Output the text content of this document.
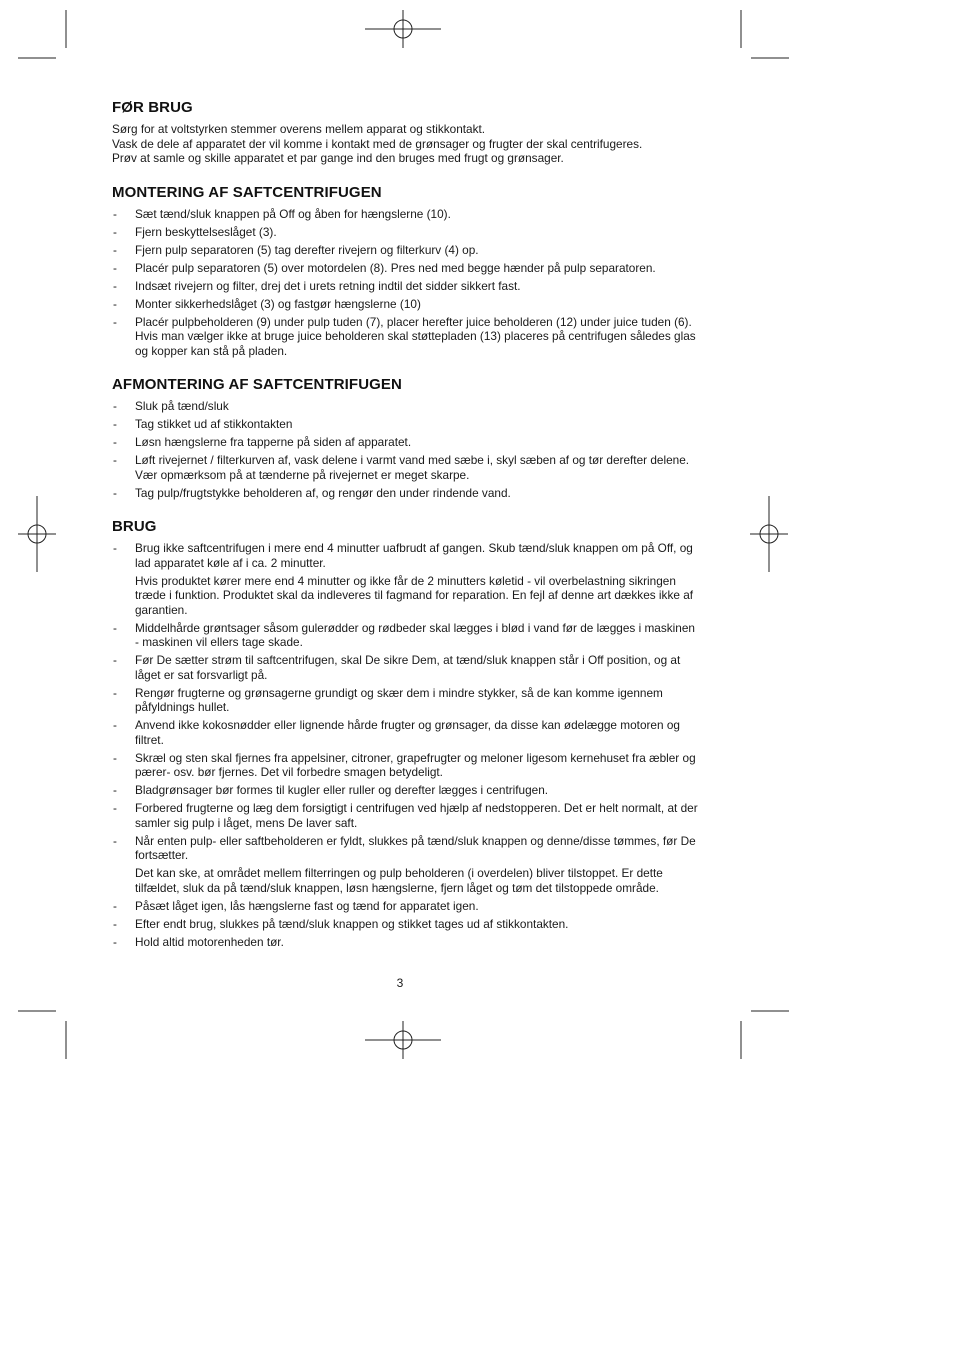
FØR BRUG

Sørg for at voltstyrken stemmer overens mellem apparat og stikkontakt.

Vask de dele af apparatet der vil komme i kontakt med de grønsager og frugter der skal centrifugeres.

Prøv at samle og skille apparatet et par gange ind den bruges med frugt og grønsager.

MONTERING AF SAFTCENTRIFUGEN
- Sæt tænd/sluk knappen på Off og åben for hængslerne (10).
- Fjern beskyttelseslåget (3).
- Fjern pulp separatoren (5) tag derefter rivejern og filterkurv (4) op.
- Placér pulp separatoren (5) over motordelen (8). Pres ned med begge hænder på pulp separatoren.
- Indsæt rivejern og filter, drej det i urets retning indtil det sidder sikkert fast.
- Monter sikkerhedslåget (3) og fastgør hængslerne (10)
- Placér pulpbeholderen (9) under pulp tuden (7), placer herefter juice beholderen (12) under juice tuden (6). Hvis man vælger ikke at bruge juice beholderen skal støttepladen (13) placeres på centrifugen således glas og kopper kan stå på pladen.
AFMONTERING AF SAFTCENTRIFUGEN
- Sluk på tænd/sluk
- Tag stikket ud af stikkontakten
- Løsn hængslerne fra tapperne på siden af apparatet.
- Løft rivejernet / filterkurven af, vask delene i varmt vand med sæbe i, skyl sæben af og tør derefter delene. Vær opmærksom på at tænderne på rivejernet er meget skarpe.
- Tag pulp/frugtstykke beholderen af, og rengør den under rindende vand.
BRUG
- Brug ikke saftcentrifugen i mere end 4 minutter uafbrudt af gangen. Skub tænd/sluk knappen om på Off, og lad apparatet køle af i ca. 2 minutter.
Hvis produktet kører mere end 4 minutter og ikke får de 2 minutters køletid - vil overbelastning sikringen træde i funktion. Produktet skal da indleveres til fagmand for reparation. En fejl af denne art dækkes ikke af garantien.
- Middelhårde grøntsager såsom gulerødder og rødbeder skal lægges i blød i vand før de lægges i maskinen - maskinen vil ellers tage skade.
- Før De sætter strøm til saftcentrifugen, skal De sikre Dem, at tænd/sluk knappen står i Off position, og at låget er sat forsvarligt på.
- Rengør frugterne og grønsagerne grundigt og skær dem i mindre stykker, så de kan komme igennem påfyldnings hullet.
- Anvend ikke kokosnødder eller lignende hårde frugter og grønsager, da disse kan ødelægge motoren og filtret.
- Skræl og sten skal fjernes fra appelsiner, citroner, grapefrugter og meloner ligesom kernehuset fra æbler og pærer- osv. bør fjernes. Det vil forbedre smagen betydeligt.
- Bladgrønsager bør formes til kugler eller ruller og derefter lægges i centrifugen.
- Forbered frugterne og læg dem forsigtigt i centrifugen ved hjælp af nedstopperen. Det er helt normalt, at der samler sig pulp i låget, mens De laver saft.
- Når enten pulp- eller saftbeholderen er fyldt, slukkes på tænd/sluk knappen og denne/disse tømmes, før De fortsætter.
Det kan ske, at området mellem filterringen og pulp beholderen (i overdelen) bliver tilstoppet. Er dette tilfældet, sluk da på tænd/sluk knappen, løsn hængslerne, fjern låget og tøm det tilstoppede område.
- Påsæt låget igen, lås hængslerne fast og tænd for apparatet igen.
- Efter endt brug, slukkes på tænd/sluk knappen og stikket tages ud af stikkontakten.
- Hold altid motorenheden tør.
3
